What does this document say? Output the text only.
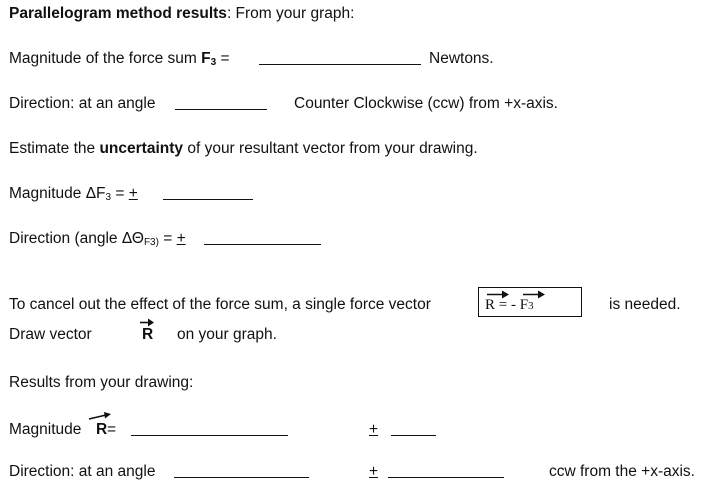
Parallelogram method results: From your graph:
Magnitude of the force sum $F_3$ =	Newtons.
Direction: at an angle	Counter Clockwise (ccw) from +x-axis.
Estimate the uncertainty of your resultant vector from your drawing.
Magnitude $\Delta F_3$ = +
Direction (angle $\Delta\Theta_{F3)}$ = +
To cancel out the effect of the force sum, a single force vector	R = - F3	is needed.
Draw vector	R on your graph.
Results from your drawing:
Magnitude R =	+
Direction: at an angle	+	ccw from the +x-axis.
